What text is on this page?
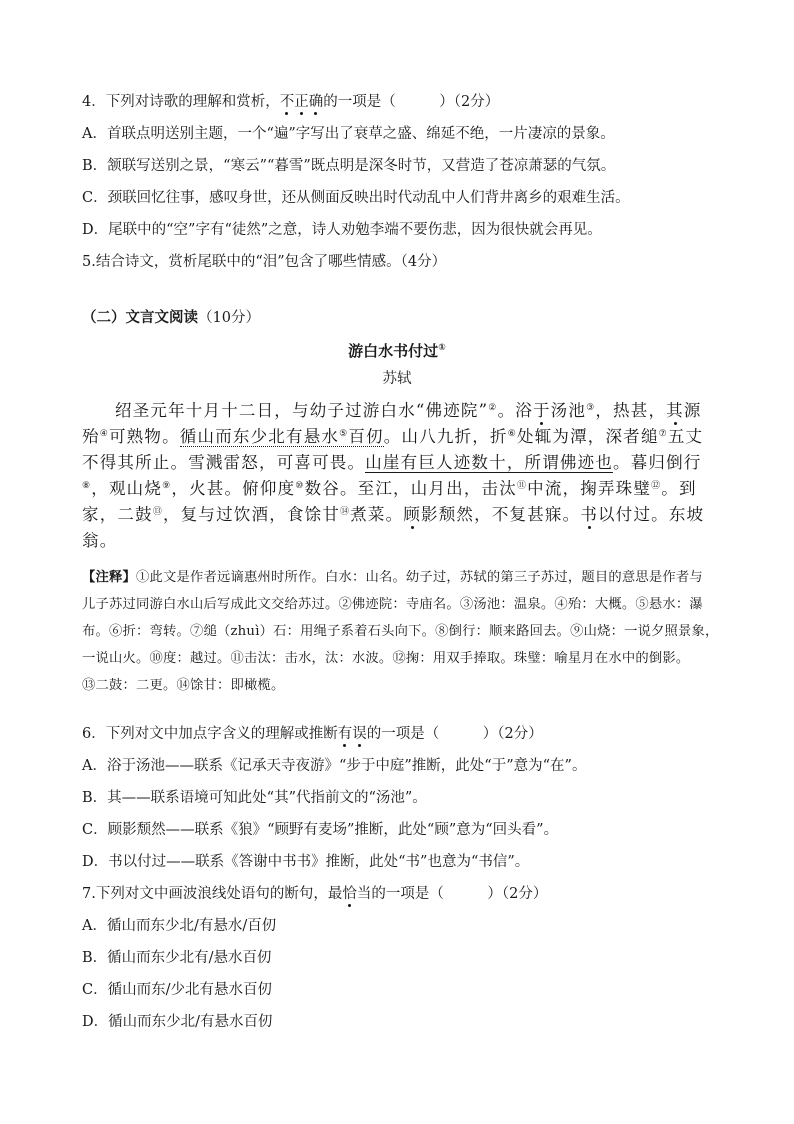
4．下列对诗歌的理解和赏析，不正确的一项是（　　　）（2分）
A．首联点明送别主题，一个“遍”字写出了衰草之盛、绵延不绝，一片凄凉的景象。
B．颔联写送别之景，“寒云”“暮雪”既点明是深冬时节，又营造了苍凉萧瑟的气氛。
C．颈联回忆往事，感叹身世，还从侧面反映出时代动乱中人们背井离乡的艰难生活。
D．尾联中的“空”字有“徒然”之意，诗人劝勉李端不要伤悲，因为很快就会再见。
5.结合诗文，赏析尾联中的“泪”包含了哪些情感。（4分）
（二）文言文阅读（10分）
游白水书付过①
苏轼
绍圣元年十月十二日，与幼子过游白水“佛迹院”②。浴于汤池③，热甚，其源殆④可熟物。循山而东少北有悬水⑤百仞。山八九折，折⑥处辄为潭，深者缒⑦五丈不得其所止。雪溅雷怒，可喜可畏。山崖有巨人迹数十，所谓佛迹也。暮归倒行⑧，观山烧⑨，火甚。俯仰度⑩数谷。至江，山月出，击汰⑪中流，掬弄珠璧⑫。到家，二鼓⑬，复与过饮酒，食馀甘⑭煮菜。顾影颓然，不复甚寐。书以付过。东坡翁。
【注释】①此文是作者远谪惠州时所作。白水：山名。幼子过，苏轼的第三子苏过，题目的意思是作者与
儿子苏过同游白水山后写成此文交给苏过。②佛迹院：寺庙名。③汤池：温泉。④殆：大概。⑤悬水：瀑
布。⑥折：弯转。⑦缒（zhuì）石：用绳子系着石头向下。⑧倒行：顺来路回去。⑨山烧：一说夕照景象，
一说山火。⑩度：越过。⑪击汰：击水，汰：水波。⑫掬：用双手捧取。珠璧：喻星月在水中的倒影。
⑬二鼓：二更。⑭馀甘：即橄榄。
6．下列对文中加点字含义的理解或推断有误的一项是（　　　）（2分）
A．浴于汤池——联系《记承天寺夜游》“步于中庭”推断，此处“于”意为“在”。
B．其——联系语境可知此处“其”代指前文的“汤池”。
C．顾影颓然——联系《狼》“顾野有麦场”推断，此处“顾”意为“回头看”。
D．书以付过——联系《答谢中书书》推断，此处“书”也意为“书信”。
7.下列对文中画波浪线处语句的断句，最恰当的一项是（　　　）（2分）
A．循山而东少北/有悬水/百仞
B．循山而东少北有/悬水百仞
C．循山而东/少北有悬水百仞
D．循山而东少北/有悬水百仞
